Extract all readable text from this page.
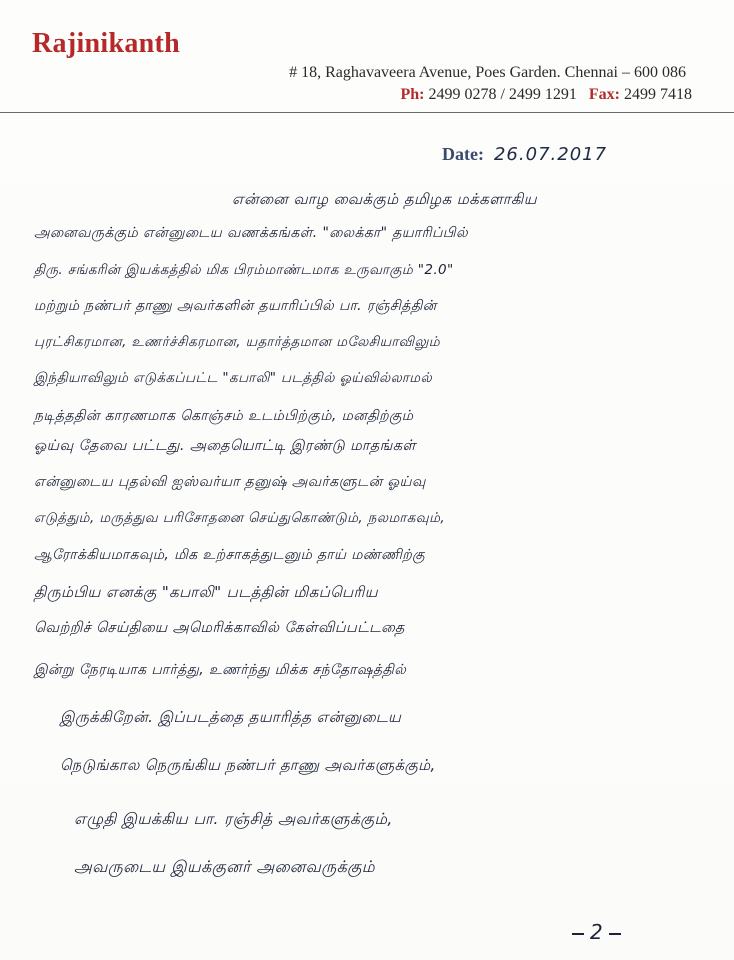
Rajinikanth
# 18, Raghavaveera Avenue, Poes Garden. Chennai – 600 086
Ph: 2499 0278 / 2499 1291 Fax: 2499 7418
Date: 26.07.2017
என்னை வாழ வைக்கும் தமிழக மக்களாகிய
அனைவருக்கும் என்னுடைய வணக்கங்கள். "லைக்கா" தயாரிப்பில்
திரு. சங்கரின் இயக்கத்தில் மிக பிரம்மாண்டமாக உருவாகும் "2.0"
மற்றும் நண்பர் தாணு அவர்களின் தயாரிப்பில் பா. ரஞ்சித்தின்
புரட்சிகரமான, உணர்ச்சிகரமான, யதார்த்தமான மலேசியாவிலும்
இந்தியாவிலும் எடுக்கப்பட்ட "கபாலி" படத்தில் ஓய்வில்லாமல்
நடித்ததின் காரணமாக கொஞ்சம் உடம்பிற்கும், மனதிற்கும்
ஓய்வு தேவை பட்டது. அதையொட்டி இரண்டு மாதங்கள்
என்னுடைய புதல்வி ஐஸ்வர்யா தனுஷ் அவர்களுடன் ஓய்வு
எடுத்தும், மருத்துவ பரிசோதனை செய்துகொண்டும், நலமாகவும்,
ஆரோக்கியமாகவும், மிக உற்சாகத்துடனும் தாய் மண்ணிற்கு
திரும்பிய எனக்கு "கபாலி" படத்தின் மிகப்பெரிய
வெற்றிச் செய்தியை அமெரிக்காவில் கேள்விப்பட்டதை
இன்று நேரடியாக பார்த்து, உணர்ந்து மிக்க சந்தோஷத்தில்
இருக்கிறேன். இப்படத்தை தயாரித்த என்னுடைய
நெடுங்கால நெருங்கிய நண்பர் தாணு அவர்களுக்கும்,
எழுதி இயக்கிய பா. ரஞ்சித் அவர்களுக்கும்,
அவருடைய இயக்குனர் அனைவருக்கும்
2
